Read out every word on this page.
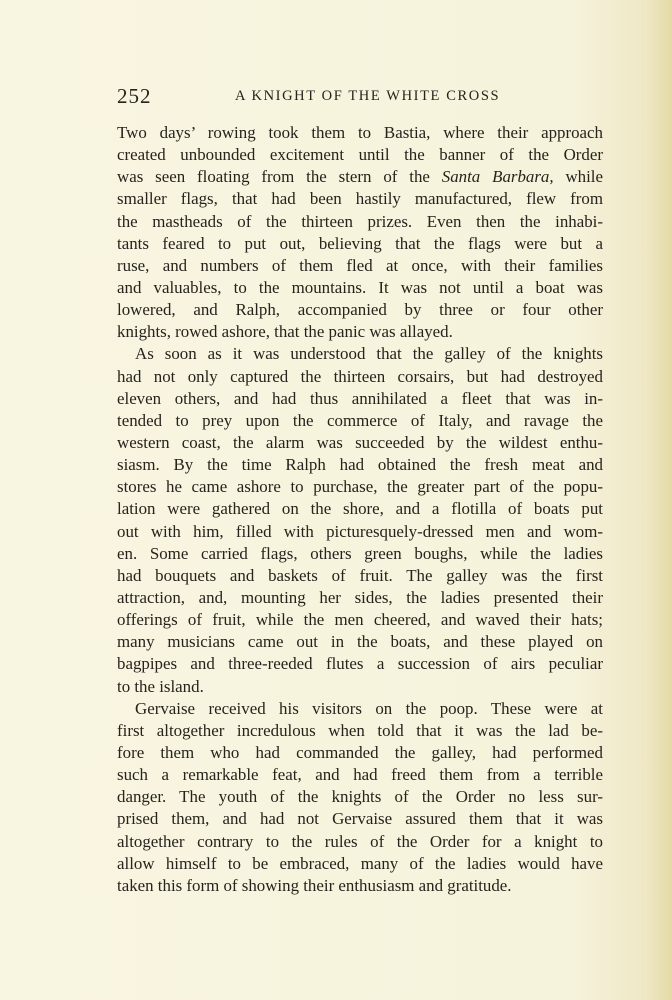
252	A KNIGHT OF THE WHITE CROSS
Two days’ rowing took them to Bastia, where their approach
created unbounded excitement until the banner of the Order
was seen floating from the stern of the Santa Barbara, while
smaller flags, that had been hastily manufactured, flew from
the mastheads of the thirteen prizes. Even then the inhabi-
tants feared to put out, believing that the flags were but a
ruse, and numbers of them fled at once, with their families
and valuables, to the mountains. It was not until a boat was
lowered, and Ralph, accompanied by three or four other
knights, rowed ashore, that the panic was allayed.
As soon as it was understood that the galley of the knights
had not only captured the thirteen corsairs, but had destroyed
eleven others, and had thus annihilated a fleet that was in-
tended to prey upon the commerce of Italy, and ravage the
western coast, the alarm was succeeded by the wildest enthu-
siasm. By the time Ralph had obtained the fresh meat and
stores he came ashore to purchase, the greater part of the popu-
lation were gathered on the shore, and a flotilla of boats put
out with him, filled with picturesquely-dressed men and wom-
en. Some carried flags, others green boughs, while the ladies
had bouquets and baskets of fruit. The galley was the first
attraction, and, mounting her sides, the ladies presented their
offerings of fruit, while the men cheered, and waved their hats;
many musicians came out in the boats, and these played on
bagpipes and three-reeded flutes a succession of airs peculiar
to the island.
Gervaise received his visitors on the poop. These were at
first altogether incredulous when told that it was the lad be-
fore them who had commanded the galley, had performed
such a remarkable feat, and had freed them from a terrible
danger. The youth of the knights of the Order no less sur-
prised them, and had not Gervaise assured them that it was
altogether contrary to the rules of the Order for a knight to
allow himself to be embraced, many of the ladies would have
taken this form of showing their enthusiasm and gratitude.
